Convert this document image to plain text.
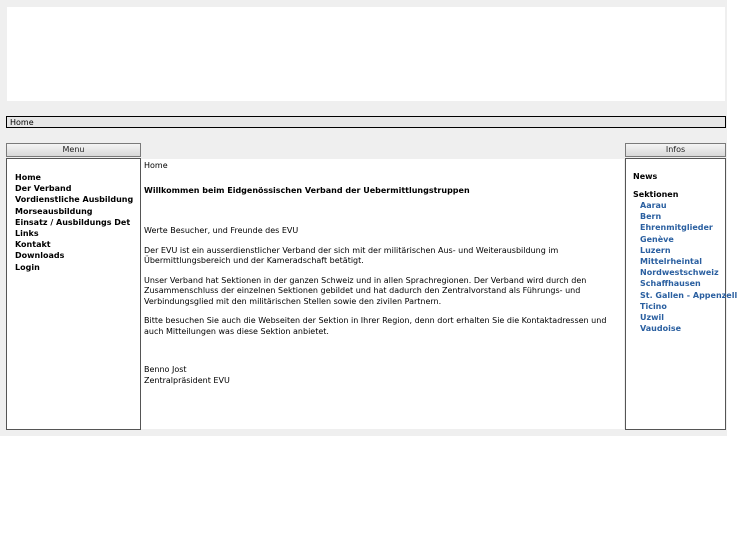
Home
Menu
Home
Der Verband
Vordienstliche Ausbildung
Morseausbildung
Einsatz / Ausbildungs Det
Links
Kontakt
Downloads
Login

Home

Willkommen beim Eidgenössischen Verband der Uebermittlungstruppen

Werte Besucher, und Freunde des EVU

Der EVU ist ein ausserdienstlicher Verband der sich mit der militärischen Aus- und Weiterausbildung im Übermittlungsbereich und der Kameradschaft betätigt.

Unser Verband hat Sektionen in der ganzen Schweiz und in allen Sprachregionen. Der Verband wird durch den Zusammenschluss der einzelnen Sektionen gebildet und hat dadurch den Zentralvorstand als Führungs- und Verbindungsglied mit den militärischen Stellen sowie den zivilen Partnern.

Bitte besuchen Sie auch die Webseiten der Sektion in Ihrer Region, denn dort erhalten Sie die Kontaktadressen und auch Mitteilungen was diese Sektion anbietet.

Benno Jost

Zentralpräsident EVU

Infos
News
Sektionen
Aarau
Bern
Ehrenmitglieder
Genève
Luzern
Mittelrheintal
Nordwestschweiz
Schaffhausen
St. Gallen - Appenzell
Ticino
Uzwil
Vaudoise
